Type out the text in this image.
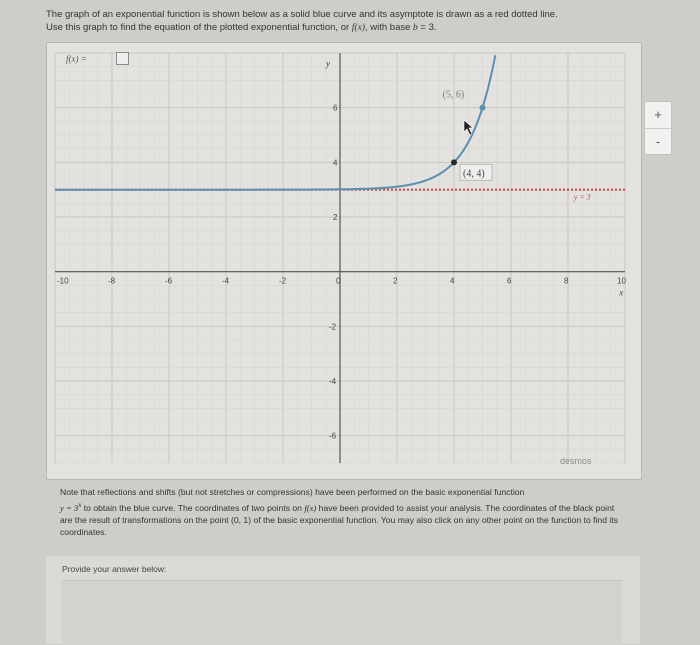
The graph of an exponential function is shown below as a solid blue curve and its asymptote is drawn as a red dotted line.
Use this graph to find the equation of the plotted exponential function, or f(x), with base b = 3.
-10	-8	-6	-4	-2	0	2	4	6	8	10
6
4
2
-2
-4
-6
(5, 6)
(4, 4)
y = 3
x
y
+
-
desmos
Note that reflections and shifts (but not stretches or compressions) have been performed on the basic exponential function
$y = 3^x$ to obtain the blue curve. The coordinates of two points on f(x) have been provided to assist your analysis. The coordinates of the black point are the result of transformations on the point (0, 1) of the basic exponential function. You may also click on any other point on the function to find its coordinates.
Provide your answer below:
f(x) =
